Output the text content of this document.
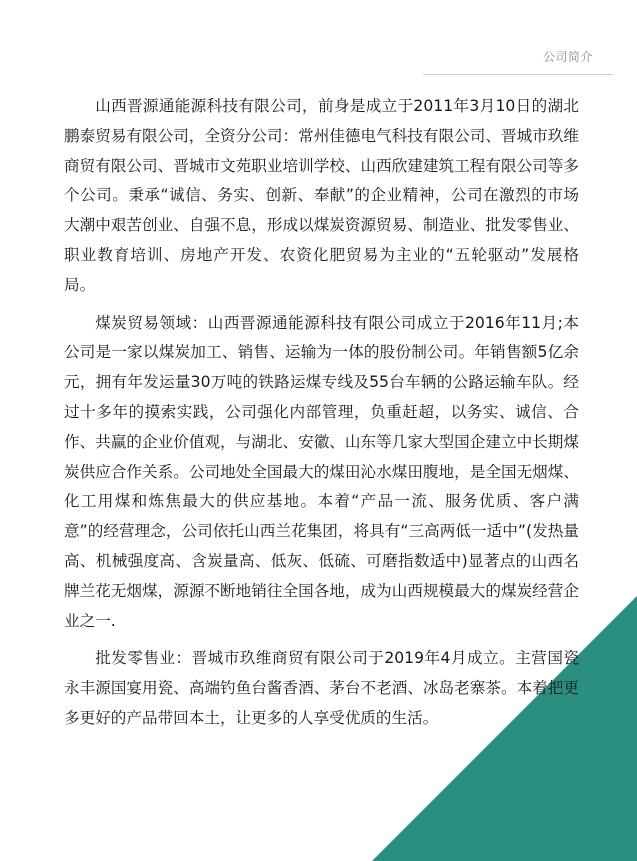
公司简介

山西晋源通能源科技有限公司，前身是成立于2011年3月10日的湖北鹏泰贸易有限公司，全资分公司：常州佳德电气科技有限公司、晋城市玖维商贸有限公司、晋城市文苑职业培训学校、山西欣建建筑工程有限公司等多个公司。秉承“诚信、务实、创新、奉献”的企业精神，公司在激烈的市场大潮中艰苦创业、自强不息，形成以煤炭资源贸易、制造业、批发零售业、职业教育培训、房地产开发、农资化肥贸易为主业的“五轮驱动”发展格局。

煤炭贸易领域：山西晋源通能源科技有限公司成立于2016年11月;本公司是一家以煤炭加工、销售、运输为一体的股份制公司。年销售额5亿余元，拥有年发运量30万吨的铁路运煤专线及55台车辆的公路运输车队。经过十多年的摸索实践，公司强化内部管理，负重赶超，以务实、诚信、合作、共赢的企业价值观，与湖北、安徽、山东等几家大型国企建立中长期煤炭供应合作关系。公司地处全国最大的煤田沁水煤田腹地，是全国无烟煤、化工用煤和炼焦最大的供应基地。本着“产品一流、服务优质、客户满意”的经营理念，公司依托山西兰花集团，将具有“三高两低一适中”(发热量高、机械强度高、含炭量高、低灰、低硫、可磨指数适中)显著点的山西名牌兰花无烟煤，源源不断地销往全国各地，成为山西规模最大的煤炭经营企业之一.

批发零售业：晋城市玖维商贸有限公司于2019年4月成立。主营国瓷永丰源国宴用瓷、高端钓鱼台酱香酒、茅台不老酒、冰岛老寨茶。本着把更多更好的产品带回本土，让更多的人享受优质的生活。
